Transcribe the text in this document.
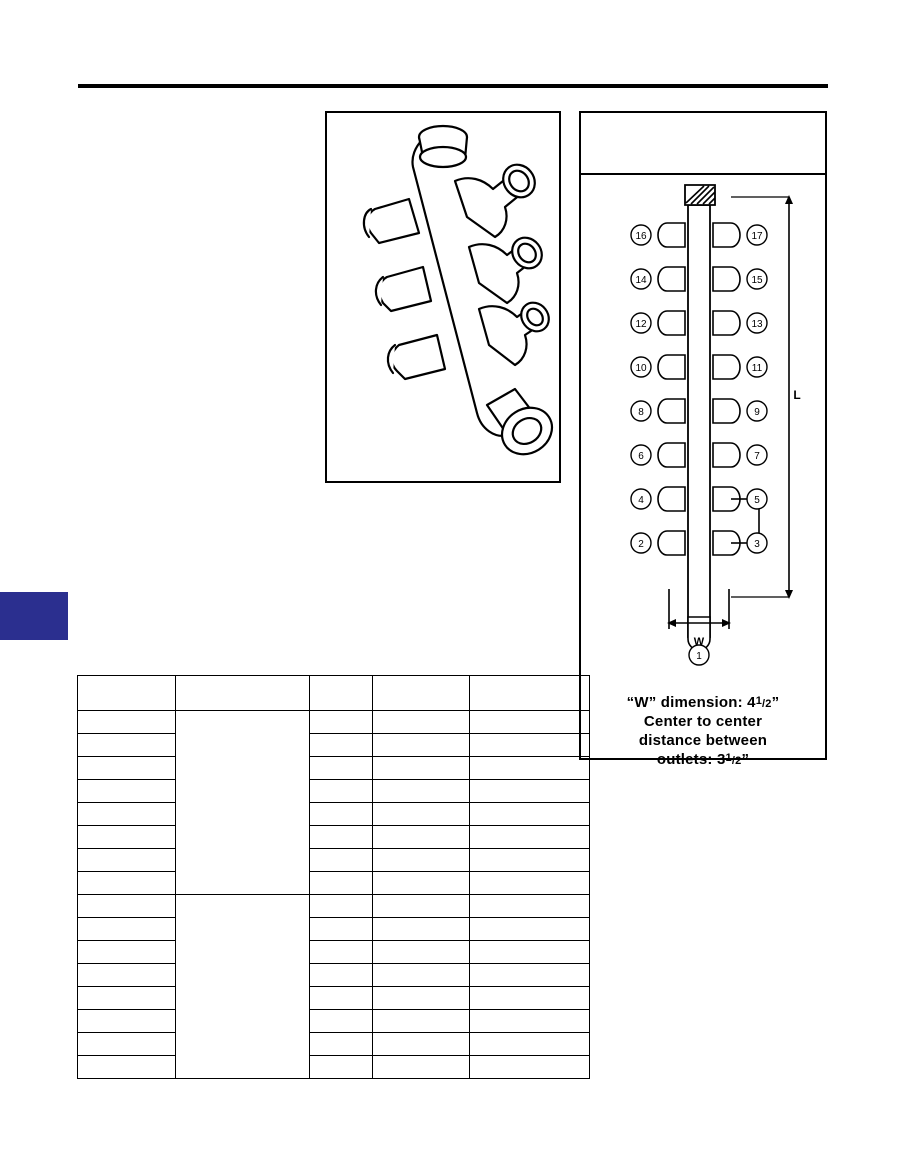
16
14
12
10
8
6
4
2
17
15
13
11
9
7
5
3
1
L
W
“W” dimension: $4^1/2$”
Center to center
distance between
outlets: $3^1/2$”
